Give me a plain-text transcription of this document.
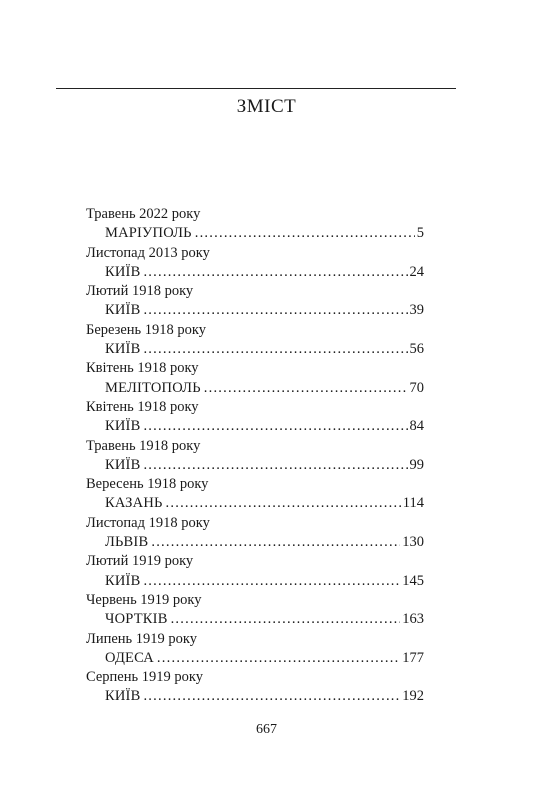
ЗМІСТ
Травень 2022 року
МАРІУПОЛЬ . . .	5
Листопад 2013 року
КИЇВ . . .	24
Лютий 1918 року
КИЇВ . . .	39
Березень 1918 року
КИЇВ . . .	56
Квітень 1918 року
МЕЛІТОПОЛЬ . . .	70
Квітень 1918 року
КИЇВ . . .	84
Травень 1918 року
КИЇВ . . .	99
Вересень 1918 року
КАЗАНЬ . . .	114
Листопад 1918 року
ЛЬВІВ . . .	130
Лютий 1919 року
КИЇВ . . .	145
Червень 1919 року
ЧОРТКІВ . . .	163
Липень 1919 року
ОДЕСА . . .	177
Серпень 1919 року
КИЇВ . . .	192
667
